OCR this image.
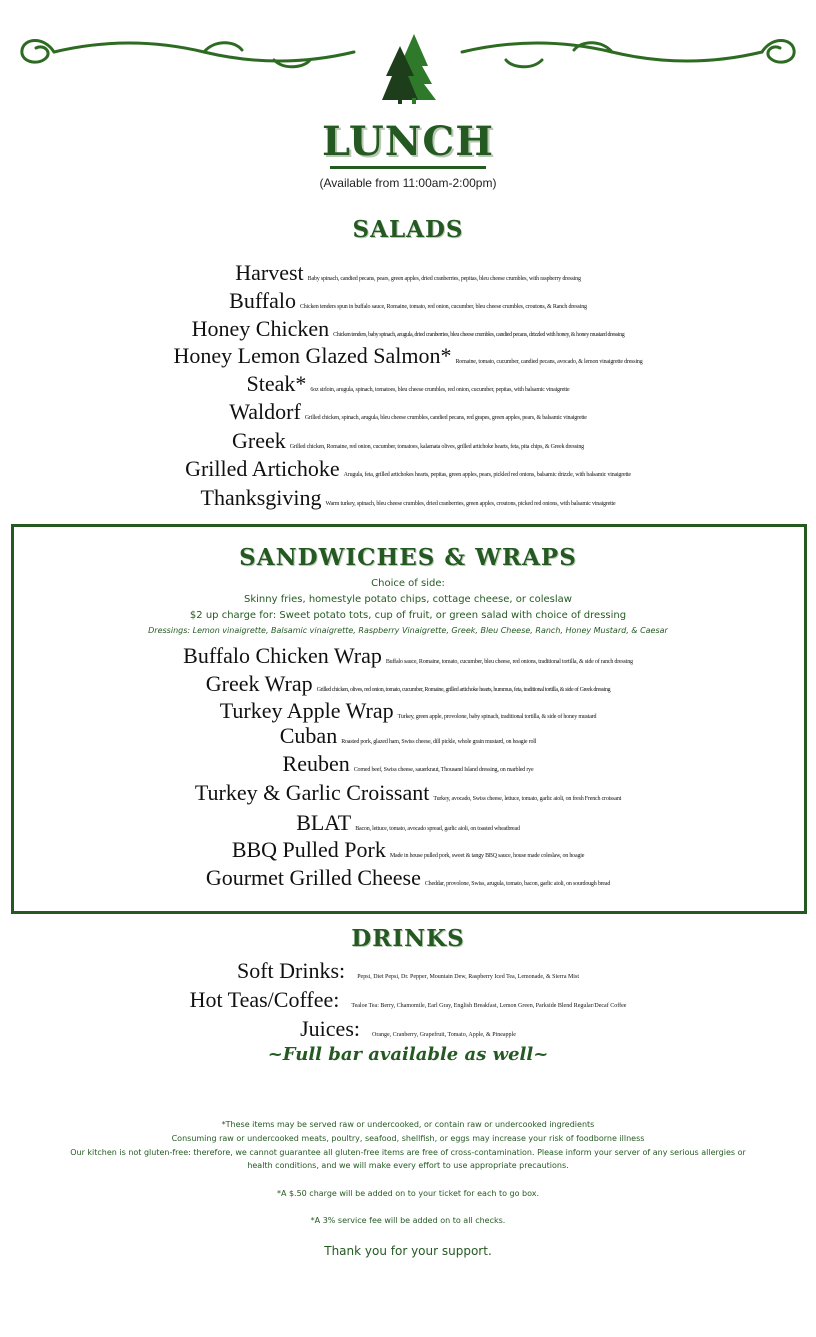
LUNCH
(Available from 11:00am-2:00pm)
SALADS
Harvest Baby spinach, candied pecans, pears, green apples, dried cranberries, pepitas, bleu cheese crumbles, with raspberry dressing
Buffalo Chicken tenders spun in buffalo sauce, Romaine, tomato, red onion, cucumber, bleu cheese crumbles, croutons, & Ranch dressing
Honey Chicken Chicken tenders, baby spinach, arugula, dried cranberries, bleu cheese crumbles, candied pecans, drizzled with honey, & honey mustard dressing
Honey Lemon Glazed Salmon* Romaine, tomato, cucumber, candied pecans, avocado, & lemon vinaigrette dressing
Steak* 6oz sirloin, arugula, spinach, tomatoes, bleu cheese crumbles, red onion, cucumber, pepitas, with balsamic vinaigrette
Waldorf Grilled chicken, spinach, arugula, bleu cheese crumbles, candied pecans, red grapes, green apples, pears, & balsamic vinaigrette
Greek Grilled chicken, Romaine, red onion, cucumber, tomatoes, kalamata olives, grilled artichoke hearts, feta, pita chips, & Greek dressing
Grilled Artichoke Arugula, feta, grilled artichokes hearts, pepitas, green apples, pears, pickled red onions, balsamic drizzle, with balsamic vinaigrette
Thanksgiving Warm turkey, spinach, bleu cheese crumbles, dried cranberries, green apples, croutons, picked red onions, with balsamic vinaigrette
SANDWICHES & WRAPS
Choice of side:
Skinny fries, homestyle potato chips, cottage cheese, or coleslaw
$2 up charge for: Sweet potato tots, cup of fruit, or green salad with choice of dressing
Dressings: Lemon vinaigrette, Balsamic vinaigrette, Raspberry Vinaigrette, Greek, Bleu Cheese, Ranch, Honey Mustard, & Caesar
Buffalo Chicken Wrap Buffalo sauce, Romaine, tomato, cucumber, bleu cheese, red onions, traditional tortilla, & side of ranch dressing
Greek Wrap Grilled chicken, olives, red onion, tomato, cucumber, Romaine, grilled artichoke hearts, hummus, feta, traditional tortilla, & side of Greek dressing
Turkey Apple Wrap Turkey, green apple, provolone, baby spinach, traditional tortilla, & side of honey mustard
Cuban Roasted pork, glazed ham, Swiss cheese, dill pickle, whole grain mustard, on hoagie roll
Reuben Corned beef, Swiss cheese, sauerkraut, Thousand Island dressing, on marbled rye
Turkey & Garlic Croissant Turkey, avocado, Swiss cheese, lettuce, tomato, garlic aioli, on fresh French croissant
BLAT Bacon, lettuce, tomato, avocado spread, garlic aioli, on toasted wheatbread
BBQ Pulled Pork Made in house pulled pork, sweet & tangy BBQ sauce, house made coleslaw, on hoagie
Gourmet Grilled Cheese Cheddar, provolone, Swiss, arugula, tomato, bacon, garlic aioli, on sourdough bread
DRINKS
Soft Drinks: Pepsi, Diet Pepsi, Dr. Pepper, Mountain Dew, Raspberry Iced Tea, Lemonade, & Sierra Mist
Hot Teas/Coffee: Tealoe Tea: Berry, Chamomile, Earl Gray, English Breakfast, Lemon Green, Parkside Blend Regular/Decaf Coffee
Juices: Orange, Cranberry, Grapefruit, Tomato, Apple, & Pineapple
~Full bar available as well~
*These items may be served raw or undercooked, or contain raw or undercooked ingredients
Consuming raw or undercooked meats, poultry, seafood, shellfish, or eggs may increase your risk of foodborne illness
Our kitchen is not gluten-free: therefore, we cannot guarantee all gluten-free items are free of cross-contamination. Please inform your server of any serious allergies or
health conditions, and we will make every effort to use appropriate precautions.
*A $.50 charge will be added on to your ticket for each to go box.
*A 3% service fee will be added on to all checks.
Thank you for your support.
